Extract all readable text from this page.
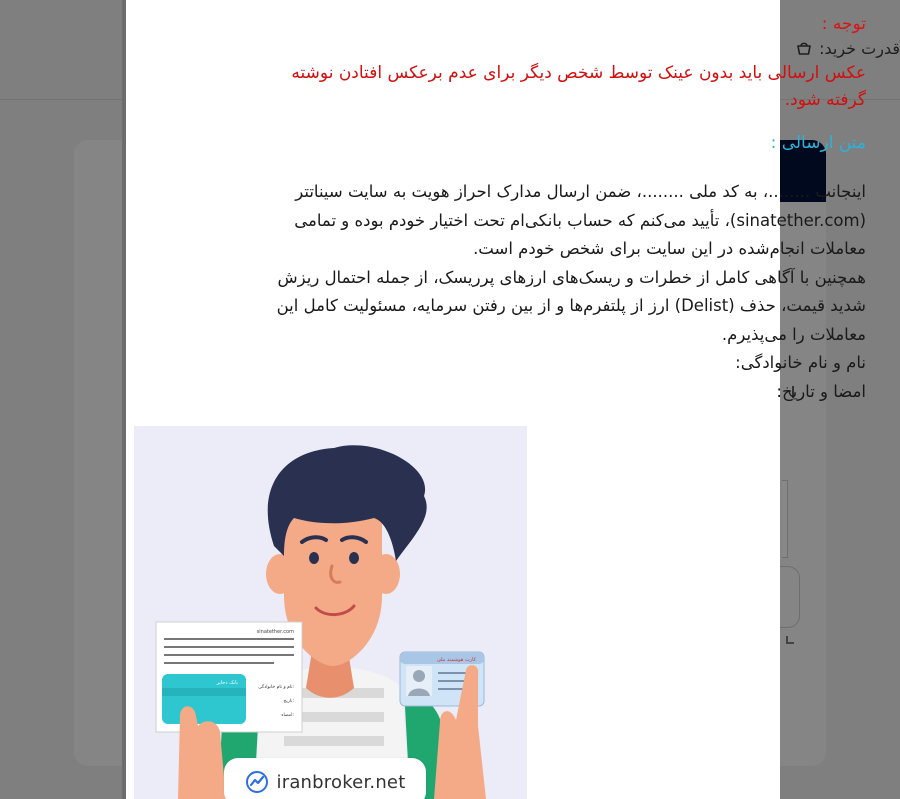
قدرت خرید:
توجه :
عکس ارسالی باید بدون عینک توسط شخص دیگر برای عدم برعکس افتادن نوشته گرفته شود.
متن ارسالی :

اینجانب ........، به کد ملی ........، ضمن ارسال مدارک احراز هویت به سایت سیناتتر (sinatether.com)، تأیید می‌کنم که حساب بانکی‌ام تحت اختیار خودم بوده و تمامی معاملات انجام‌شده در این سایت برای شخص خودم است.

همچنین با آگاهی کامل از خطرات و ریسک‌های ارزهای پرریسک، از جمله احتمال ریزش شدید قیمت، حذف (Delist) ارز از پلتفرم‌ها و از بین رفتن سرمایه، مسئولیت کامل این معاملات را می‌پذیرم.

نام و نام خانوادگی:

امضا و تاریخ:

sinatether.com
نام و نام خانوادگی:
تاریخ:
امضاء:
بانک ذخایر
کارت هوشمند ملی
iranbroker.net
